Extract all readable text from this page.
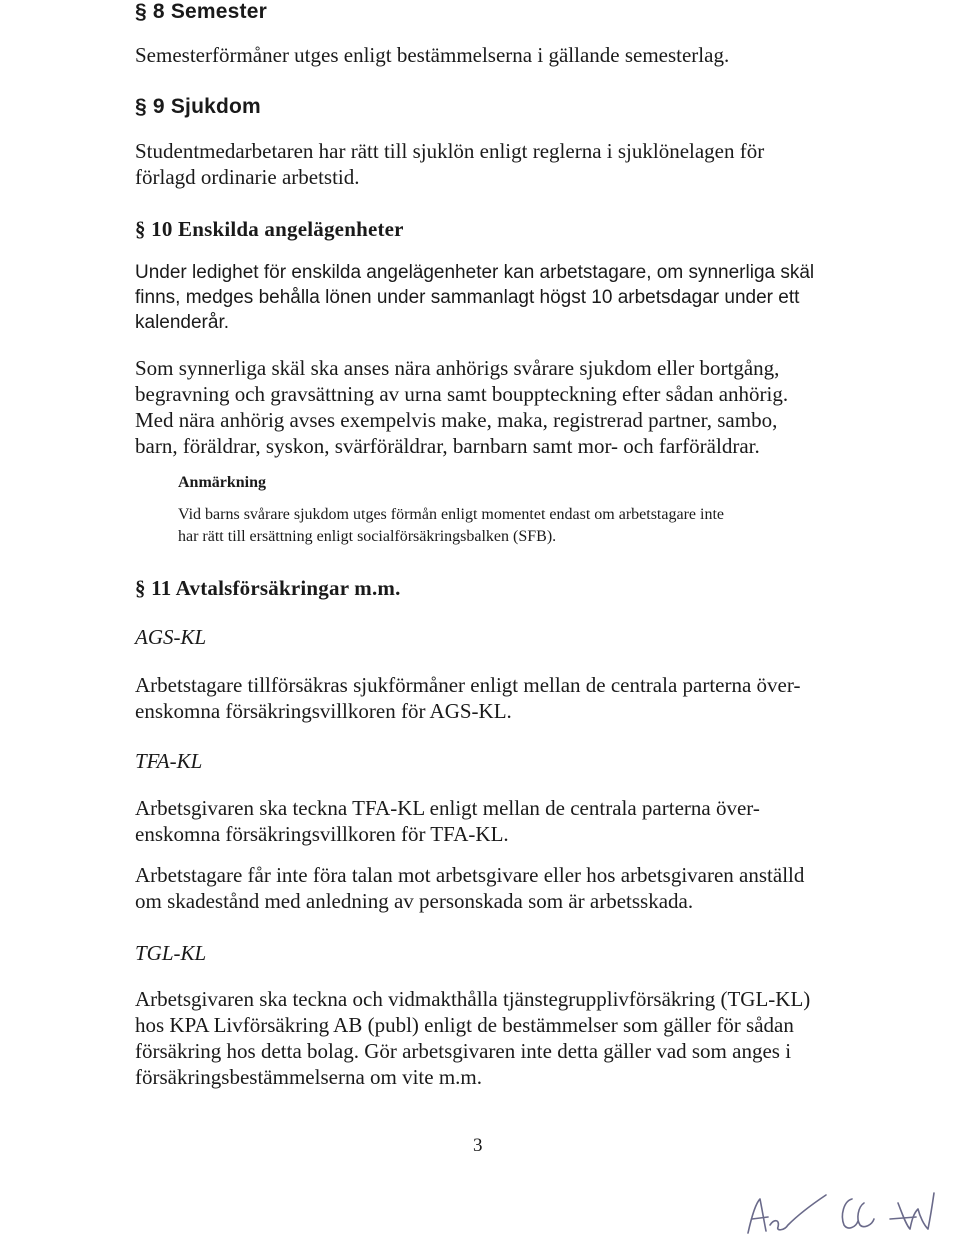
§ 8 Semester

Semesterförmåner utges enligt bestämmelserna i gällande semesterlag.

§ 9 Sjukdom

Studentmedarbetaren har rätt till sjuklön enligt reglerna i sjuklönelagen för
förlagd ordinarie arbetstid.

§ 10 Enskilda angelägenheter

Under ledighet för enskilda angelägenheter kan arbetstagare, om synnerliga skäl
finns, medges behålla lönen under sammanlagt högst 10 arbetsdagar under ett
kalenderår.

Som synnerliga skäl ska anses nära anhörigs svårare sjukdom eller bortgång,
begravning och gravsättning av urna samt bouppteckning efter sådan anhörig.
Med nära anhörig avses exempelvis make, maka, registrerad partner, sambo,
barn, föräldrar, syskon, svärföräldrar, barnbarn samt mor- och farföräldrar.

Anmärkning

Vid barns svårare sjukdom utges förmån enligt momentet endast om arbetstagare inte
har rätt till ersättning enligt socialförsäkringsbalken (SFB).

§ 11 Avtalsförsäkringar m.m.
AGS-KL

Arbetstagare tillförsäkras sjukförmåner enligt mellan de centrala parterna över-
enskomna försäkringsvillkoren för AGS-KL.

TFA-KL

Arbetsgivaren ska teckna TFA-KL enligt mellan de centrala parterna över-
enskomna försäkringsvillkoren för TFA-KL.

Arbetstagare får inte föra talan mot arbetsgivare eller hos arbetsgivaren anställd
om skadestånd med anledning av personskada som är arbetsskada.

TGL-KL

Arbetsgivaren ska teckna och vidmakthålla tjänstegrupplivförsäkring (TGL-KL)
hos KPA Livförsäkring AB (publ) enligt de bestämmelser som gäller för sådan
försäkring hos detta bolag. Gör arbetsgivaren inte detta gäller vad som anges i
försäkringsbestämmelserna om vite m.m.

3
